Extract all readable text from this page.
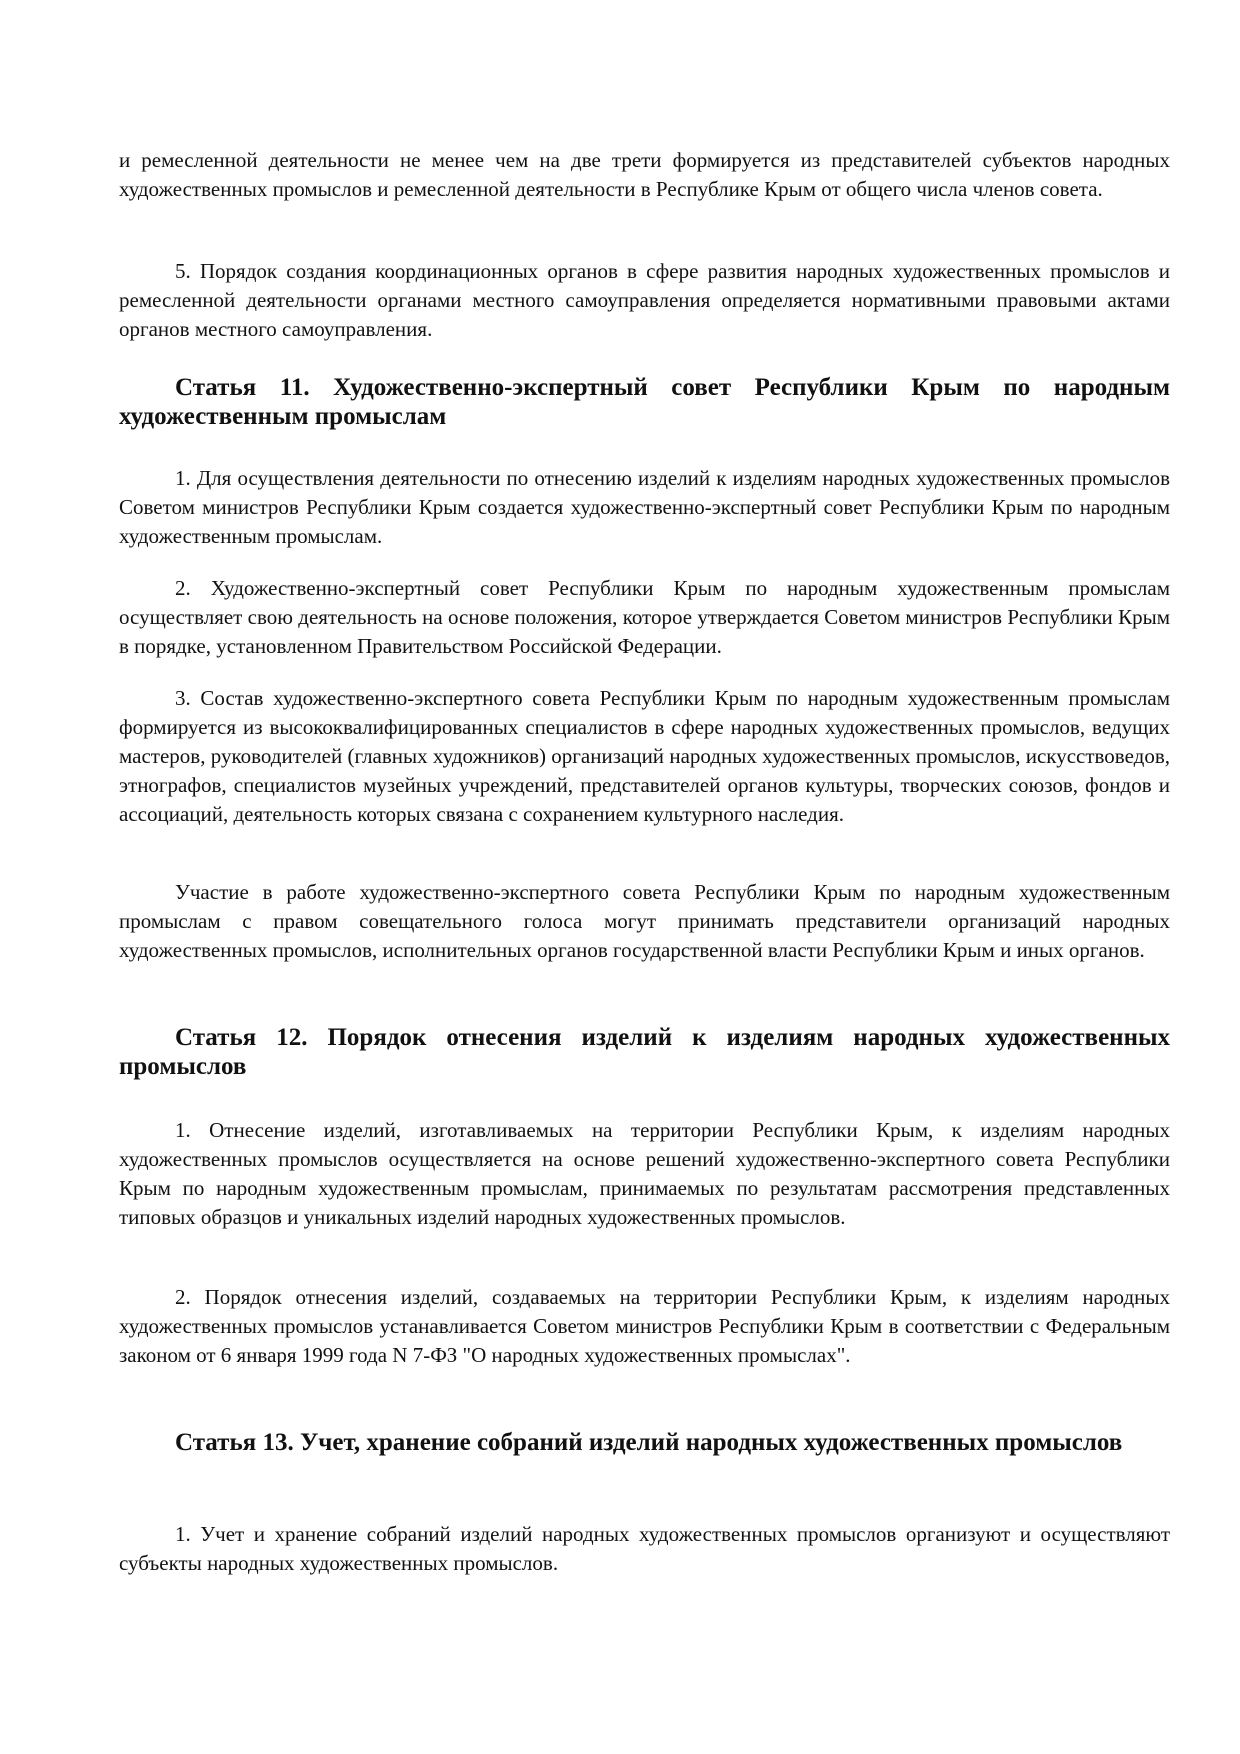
и ремесленной деятельности не менее чем на две трети формируется из представителей субъектов народных художественных промыслов и ремесленной деятельности в Республике Крым от общего числа членов совета.

5. Порядок создания координационных органов в сфере развития народных художественных промыслов и ремесленной деятельности органами местного самоуправления определяется нормативными правовыми актами органов местного самоуправления.

Статья 11. Художественно-экспертный совет Республики Крым по народным художественным промыслам

1. Для осуществления деятельности по отнесению изделий к изделиям народных художественных промыслов Советом министров Республики Крым создается художественно-экспертный совет Республики Крым по народным художественным промыслам.

2. Художественно-экспертный совет Республики Крым по народным художественным промыслам осуществляет свою деятельность на основе положения, которое утверждается Советом министров Республики Крым в порядке, установленном Правительством Российской Федерации.

3. Состав художественно-экспертного совета Республики Крым по народным художественным промыслам формируется из высококвалифицированных специалистов в сфере народных художественных промыслов, ведущих мастеров, руководителей (главных художников) организаций народных художественных промыслов, искусствоведов, этнографов, специалистов музейных учреждений, представителей органов культуры, творческих союзов, фондов и ассоциаций, деятельность которых связана с сохранением культурного наследия.

Участие в работе художественно-экспертного совета Республики Крым по народным художественным промыслам с правом совещательного голоса могут принимать представители организаций народных художественных промыслов, исполнительных органов государственной власти Республики Крым и иных органов.

Статья 12. Порядок отнесения изделий к изделиям народных художественных промыслов

1. Отнесение изделий, изготавливаемых на территории Республики Крым, к изделиям народных художественных промыслов осуществляется на основе решений художественно-экспертного совета Республики Крым по народным художественным промыслам, принимаемых по результатам рассмотрения представленных типовых образцов и уникальных изделий народных художественных промыслов.

2. Порядок отнесения изделий, создаваемых на территории Республики Крым, к изделиям народных художественных промыслов устанавливается Советом министров Республики Крым в соответствии с Федеральным законом от 6 января 1999 года N 7-ФЗ "О народных художественных промыслах".

Статья 13. Учет, хранение собраний изделий народных художественных промыслов

1. Учет и хранение собраний изделий народных художественных промыслов организуют и осуществляют субъекты народных художественных промыслов.
